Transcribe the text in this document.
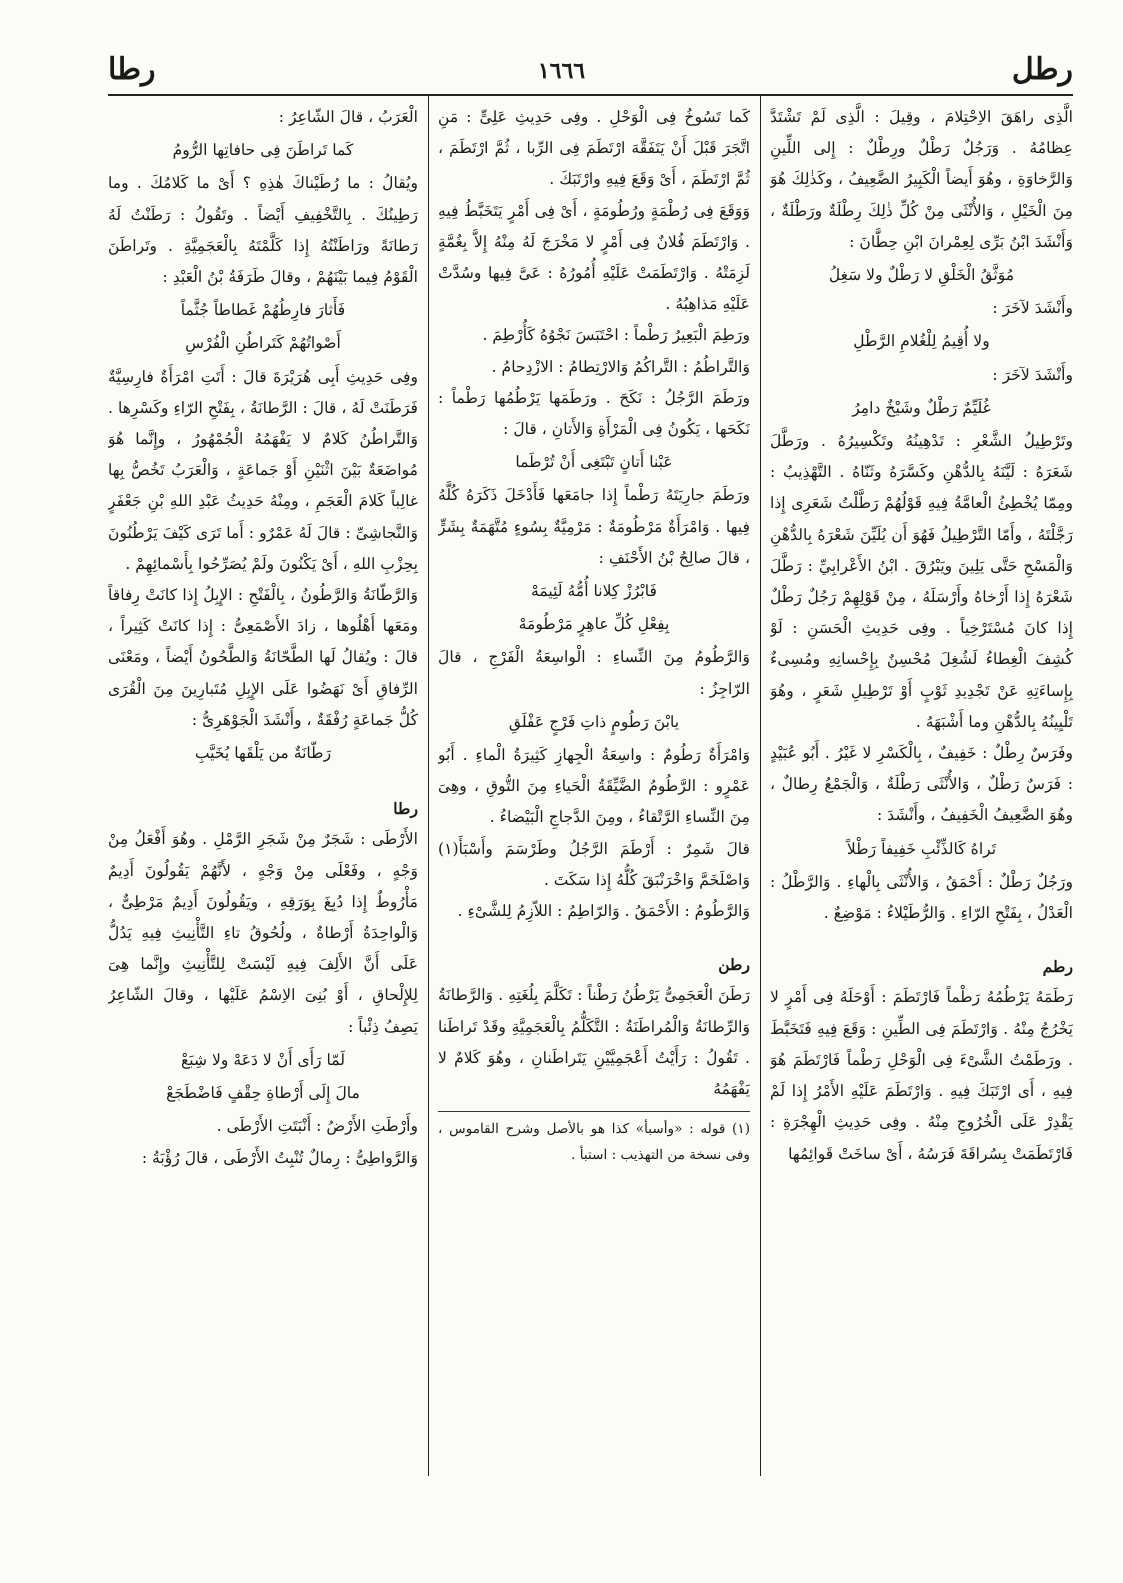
رطل
١٦٦٦
رطا

الَّذِى راهَقَ الاِحْتِلامَ ، وقِيلَ : الَّذِى لَمْ تَشْتَدَّ عِظامُهُ . وَرَجُلٌ رَطْلٌ ورِطْلٌ : إِلى اللِّينِ وَالرَّخاوَةِ ، وهُوَ أَيضاً الْكَبِيرُ الضَّعِيفُ ، وكَذٰلِكَ هُوَ مِنَ الْخَيْلِ ، وَالأُنْثَى مِنْ كُلِّ ذٰلِكَ رِطْلَةٌ ورَطْلَةٌ ، وَأَنْشَدَ ابْنُ بَرِّى لِعِمْرانَ ابْنِ حِطَّانَ :

مُوَثَّقُ الْخَلْقِ لا رَطْلٌ ولا سَغِلُ

وأَنْشَدَ لآخَرَ :

ولا أُقِيمُ لِلْغُلامِ الرَّطْلِ

وأَنْشَدَ لآخَرَ :

غُلَيِّمٌ رَطْلٌ وشَيْخٌ دامِرُ

وتَرْطِيلُ الشَّعْرِ : تَدْهِينُهُ وتَكْسِيرُهُ . ورَطَّلَ شَعَرَهُ : لَيَّنَهُ بِالدُّهْنِ وكَسَّرَهُ وثَنّاهُ . التَّهْذِيبُ : ومِمّا يُخْطِئُ الْعامَّةُ فِيهِ قَوْلُهُمْ رَطَّلْتُ شَعَرِى إِذا رَجَّلْتَهُ ، وأَمّا التَّرْطِيلُ فَهُوَ أَن يُلَيِّنَ شَعْرَهُ بِالدُّهْنِ وَالْمَسْحِ حَتَّى يَلِينَ ويَبْرُقَ . ابْنُ الأَعْرابِيِّ : رَطَّلَ شَعْرَهُ إِذا أَرْخاهُ وأَرْسَلَهُ ، مِنْ قَوْلِهِمْ رَجُلٌ رَطْلٌ إِذا كانَ مُسْتَرْخِياً . وفِى حَدِيثِ الْحَسَنِ : لَوْ كُشِفَ الْغِطاءُ لَشُغِلَ مُحْسِنٌ بِإِحْسانِهِ ومُسِىءٌ بِإِساءَتِهِ عَنْ تَجْدِيدِ ثَوْبٍ أَوْ تَرْطِيلِ شَعَرٍ ، وهُوَ تَلْيِينُهُ بِالدُّهْنِ وما أَشْبَهَهُ .

وفَرَسٌ رِطْلٌ : خَفِيفٌ ، بِالْكَسْرِ لا غَيْرُ . أَبُو عُبَيْدٍ : فَرَسٌ رَطْلٌ ، وَالأُنْثَى رَطْلَةٌ ، وَالْجَمْعُ رِطالٌ ، وهُوَ الضَّعِيفُ الْخَفِيفُ ، وأَنْشَدَ :

تَراهُ كَالذِّئْبِ خَفِيفاً رَطْلاً

ورَجُلٌ رَطْلٌ : أَحْمَقُ ، وَالأُنْثَى بِالْهاءِ . وَالرَّطْلُ : الْعَدْلُ ، بِفَتْحِ الرّاءِ . وَالرُّطَيْلاءُ : مَوْضِعٌ .

رطم

رَطَمَهُ يَرْطُمُهُ رَطْماً فَارْتَطَمَ : أَوْحَلَهُ فِى أَمْرٍ لا يَخْرُجُ مِنْهُ . وَارْتَطَمَ فِى الطِّينِ : وَقَعَ فِيهِ فَتَخَبَّطَ . ورَطَمْتُ الشَّىْءَ فِى الْوَحْلِ رَطْماً فَارْتَطَمَ هُوَ فِيهِ ، أَى ارْتَبَكَ فِيهِ . وَارْتَطَمَ عَلَيْهِ الأَمْرُ إِذا لَمْ يَقْدِرْ عَلَى الْخُرُوجِ مِنْهُ . وفِى حَدِيثِ الْهِجْرَةِ : فَارْتَطَمَتْ بِسُراقَةَ فَرَسُهُ ، أَىْ ساخَتْ قَوائِمُها

كَما تَسُوخُ فِى الْوَحْلِ . وفِى حَدِيثِ عَلِىٍّ : مَنِ اتَّجَرَ قَبْلَ أَنْ يَتَفَقَّهَ ارْتَطَمَ فِى الرِّبا ، ثُمَّ ارْتَطَمَ ، ثُمَّ ارْتَطَمَ ، أَىْ وَقَعَ فِيهِ وارْتَبَكَ .

وَوَقَعَ فِى رُطْمَةٍ ورُطُومَةٍ ، أَىْ فِى أَمْرٍ يَتَخَبَّطُ فِيهِ . وَارْتَطَمَ فُلانٌ فِى أَمْرٍ لا مَخْرَجَ لَهُ مِنْهُ إِلاَّ بِغُمَّةٍ لَزِمَتْهُ . وَارْتَطَمَتْ عَلَيْهِ أُمُورُهُ : عَىَّ فِيها وسُدَّتْ عَلَيْهِ مَذاهِبُهُ .

ورَطِمَ الْبَعِيرُ رَطْماً : احْتَبَسَ نَجْوُهُ كَأُرْطِمَ .

وَالتَّراطُمُ : التَّراكُمُ وَالارْتِطامُ : الازْدِحامُ .

ورَطَمَ الرَّجُلُ : نَكَحَ . ورَطَمَها يَرْطُمُها رَطْماً : نَكَحَها ، يَكُونُ فِى الْمَرْأَةِ وَالأَتانِ ، قالَ :

عَبْنا أَتانٍ تَبْتَغِى أَنْ تُرْطَما

ورَطَمَ جارِيَتَهُ رَطْماً إِذا جامَعَها فَأَدْخَلَ ذَكَرَهُ كُلَّهُ فِيها . وَامْرَأَةٌ مَرْطُومَةٌ : مَرْمِيَّةٌ بِسُوءٍ مُتَّهَمَةٌ بِشَرٍّ ، قالَ صالِحُ بْنُ الأَحْنَفِ :

فَابْرُزْ كِلانا أُمُّهُ لَئِيمَهْ

بِفِعْلِ كُلِّ عاهِرٍ مَرْطُومَهْ

وَالرَّطُومُ مِنَ النِّساءِ : الْواسِعَةُ الْفَرْجِ ، قالَ الرّاجِزُ :

يابْنَ رَطُومٍ ذاتِ فَرْجٍ عَفْلَقِ

وَامْرَأَةٌ رَطُومٌ : واسِعَةُ الْجِهازِ كَثِيرَةُ الْماءِ . أَبُو عَمْرٍو : الرَّطُومُ الضَّيِّقَةُ الْحَياءِ مِنَ التُّوقِ ، وهِىَ مِنَ النِّساءِ الرَّتْقاءُ ، ومِنَ الدَّجاجِ الْبَيْضاءُ .

قالَ شَمِرٌ : أَرْطَمَ الرَّجُلُ وطَرْسَمَ وأَسْبَأَ(١) وَاصْلَخَمَّ وَاخْرَنْبَقَ كُلُّهُ إِذا سَكَتَ .

وَالرَّطُومُ : الأَحْمَقُ . وَالرّاطِمُ : اللاّزِمُ لِلشَّىْءِ .

رطن

رَطَنَ الْعَجَمِىُّ يَرْطُنُ رَطْناً : تَكَلَّمَ بِلُغَتِهِ . وَالرَّطانَةُ وَالرِّطانَةُ وَالْمُراطَنَةُ : التَّكَلُّمُ بِالْعَجَمِيَّةِ وقَدْ تَراطَنا . تَقُولُ : رَأَيْتُ أَعْجَمِيَّيْنِ يَتَراطَنانِ ، وهُوَ كَلامٌ لا يَفْهَمُهُ

(١) قوله : «وأسبأ» كذا هو بالأصل وشرح القاموس ، وفى نسخة من التهذيب : استبأ .

الْعَرَبُ ، قالَ الشّاعِرُ :

كَما تَراطَنَ فِى حافاتِها الرُّومُ

ويُقالُ : ما رُطَيْناكَ هٰذِهِ ؟ أَىْ ما كَلامُكَ . وما رَطِينُكَ . بِالتَّخْفِيفِ أَيْضاً . وتَقُولُ : رَطَنْتُ لَهُ رَطانَةً ورَاطَنْتُهُ إِذا كَلَّمْتَهُ بِالْعَجَمِيَّةِ . وتَراطَنَ الْقَوْمُ فِيما بَيْنَهُمْ ، وقالَ طَرَفَةُ بْنُ الْعَبْدِ :

فَأَثارَ فارِطُهُمْ غَطاطاً جُثَّماً

أَصْواتُهُمْ كَتَراطُنِ الْفُرْسِ

وفِى حَدِيثِ أَبِى هُرَيْرَةَ قالَ : أَتَتِ امْرَأَةٌ فارِسِيَّةٌ فَرَطَنَتْ لَهُ ، قالَ : الرَّطانَةُ ، بِفَتْحِ الرّاءِ وكَسْرِها . وَالتَّراطُنُ كَلامٌ لا يَفْهَمُهُ الْجُمْهُورُ ، وإِنَّما هُوَ مُواضَعَةٌ بَيْنَ اثْنَيْنِ أَوْ جَماعَةٍ ، وَالْعَرَبُ تَخُصُّ بِها غالِباً كَلامَ الْعَجَمِ ، ومِنْهُ حَدِيثُ عَبْدِ اللهِ بْنِ جَعْفَرٍ وَالنَّجاشِىِّ : قالَ لَهُ عَمْرٌو : أَما تَرَى كَيْفَ يَرْطُنُونَ بِحِزْبِ اللهِ ، أَىْ يَكْنُونَ ولَمْ يُصَرِّحُوا بِأَسْمائِهِمْ .

وَالرَّطّانَةُ وَالرَّطُونُ ، بِالْفَتْحِ : الإِبِلُ إِذا كانَتْ رِفاقاً ومَعَها أَهْلُوها ، زادَ الأَصْمَعِىُّ : إِذا كانَتْ كَثِيراً ، قالَ : ويُقالُ لَها الطَّحّانَةُ وَالطَّحُونُ أَيْضاً ، ومَعْنَى الرِّفاقِ أَىْ نَهَضُوا عَلَى الإِبِلِ مُتَبارِينَ مِنَ الْقُرَى كُلُّ جَماعَةٍ رُفْقَةٌ ، وأَنْشَدَ الْجَوْهَرِىُّ :

رَطّانَةٌ من يَلْقَها يُخَيَّبِ

رطا

الأَرْطَى : شَجَرٌ مِنْ شَجَرِ الرَّمْلِ . وهُوَ أَفْعَلُ مِنْ وَجْهٍ ، وفَعْلَى مِنْ وَجْهٍ ، لأَنَّهُمْ يَقُولُونَ أَدِيمٌ مَأْرُوطٌ إِذا دُبِغَ بِوَرَقِهِ ، ويَقُولُونَ أَدِيمٌ مَرْطِىٌّ ، وَالْواحِدَةُ أَرْطاةٌ ، ولُحُوقُ تاءِ التَّأْنِيثِ فِيهِ يَدُلُّ عَلَى أَنَّ الأَلِفَ فِيهِ لَيْسَتْ لِلتَّأْنِيثِ وإِنَّما هِىَ لِلإِلْحاقِ ، أَوْ بُنِىَ الاِسْمُ عَلَيْها ، وقالَ الشّاعِرُ يَصِفُ ذِئْباً :

لَمّا رَأَى أَنْ لا دَعَهْ ولا شِبَعْ

مالَ إِلَى أَرْطاةِ حِقْفٍ فَاضْطَجَعْ

وأَرْطَتِ الأَرْضُ : أَنْبَتَتِ الأَرْطَى .

وَالرَّواطِىُّ : رِمالٌ تُنْبِتُ الأَرْطَى ، قالَ رُؤْبَةُ :
